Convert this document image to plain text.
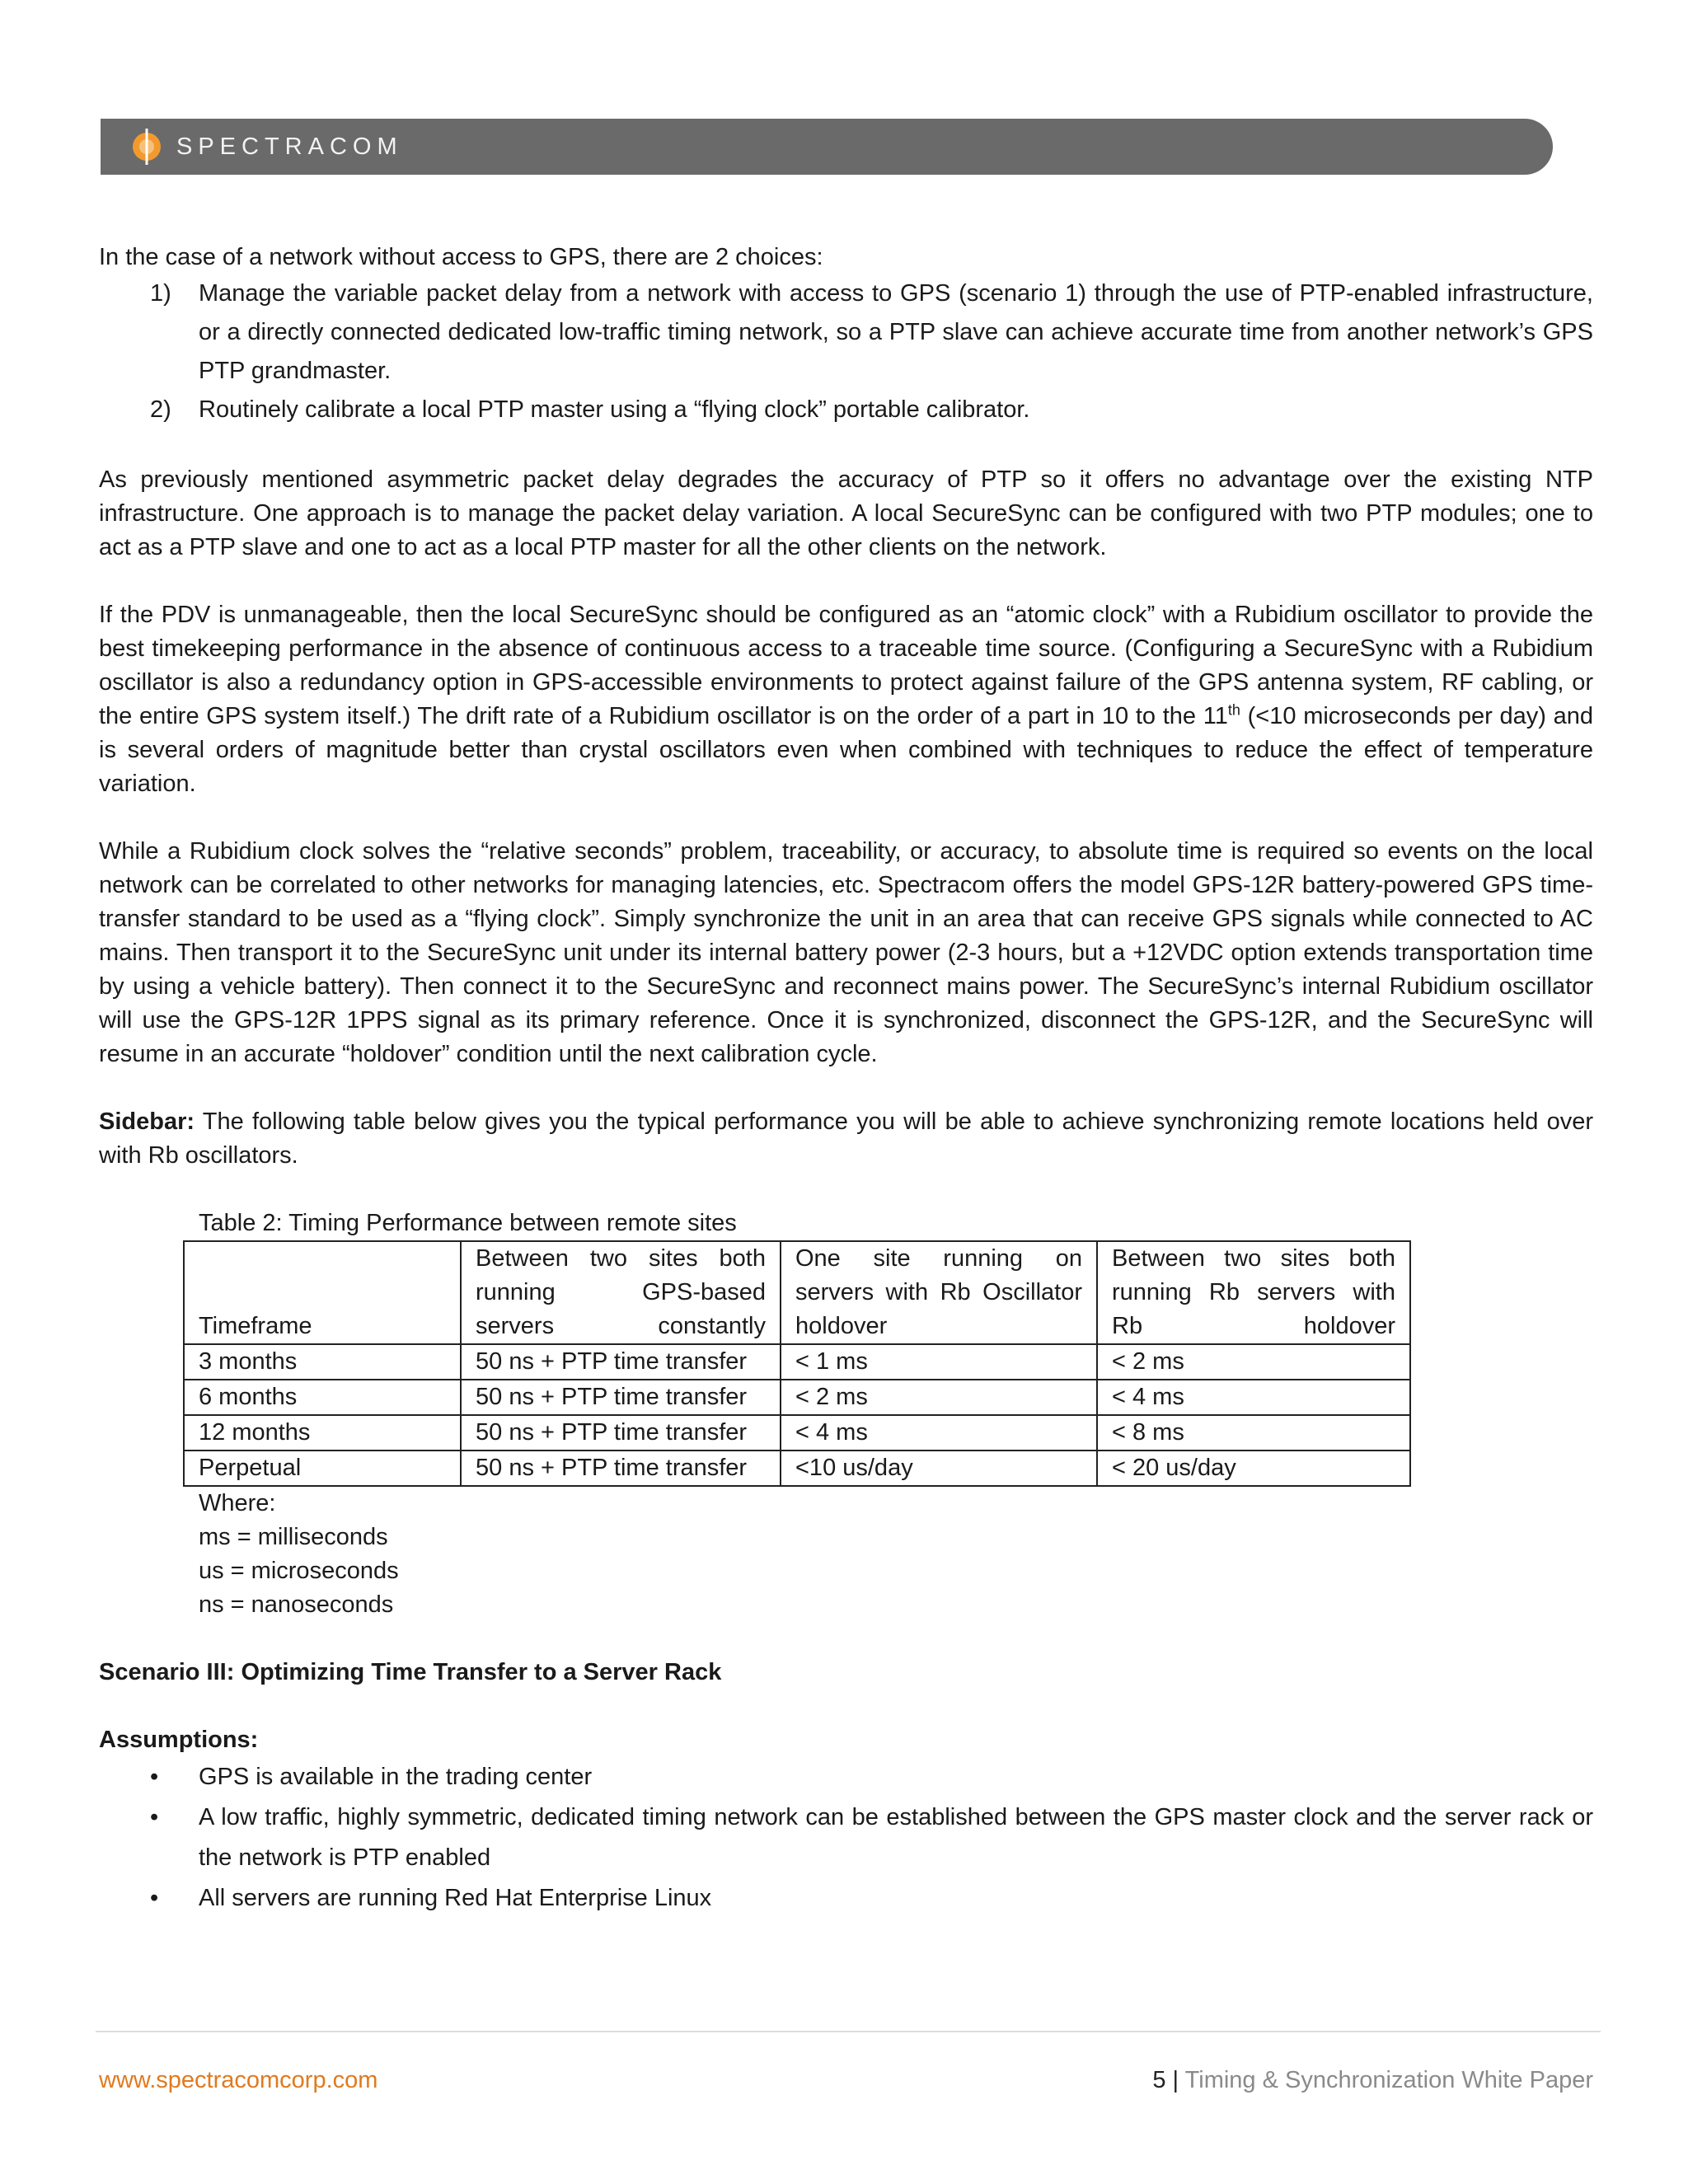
SPECTRACOM

In the case of a network without access to GPS, there are 2 choices:

1)	Manage the variable packet delay from a network with access to GPS (scenario 1) through the use of PTP-enabled infrastructure, or a directly connected dedicated low-traffic timing network, so a PTP slave can achieve accurate time from another network’s GPS PTP grandmaster.
2)	Routinely calibrate a local PTP master using a “flying clock” portable calibrator.

As previously mentioned asymmetric packet delay degrades the accuracy of PTP so it offers no advantage over the existing NTP infrastructure. One approach is to manage the packet delay variation. A local SecureSync can be configured with two PTP modules; one to act as a PTP slave and one to act as a local PTP master for all the other clients on the network.

If the PDV is unmanageable, then the local SecureSync should be configured as an “atomic clock” with a Rubidium oscillator to provide the best timekeeping performance in the absence of continuous access to a traceable time source. (Configuring a SecureSync with a Rubidium oscillator is also a redundancy option in GPS-accessible environments to protect against failure of the GPS antenna system, RF cabling, or the entire GPS system itself.) The drift rate of a Rubidium oscillator is on the order of a part in 10 to the 11th (<10 microseconds per day) and is several orders of magnitude better than crystal oscillators even when combined with techniques to reduce the effect of temperature variation.

While a Rubidium clock solves the “relative seconds” problem, traceability, or accuracy, to absolute time is required so events on the local network can be correlated to other networks for managing latencies, etc. Spectracom offers the model GPS-12R battery-powered GPS time-transfer standard to be used as a “flying clock”. Simply synchronize the unit in an area that can receive GPS signals while connected to AC mains. Then transport it to the SecureSync unit under its internal battery power (2-3 hours, but a +12VDC option extends transportation time by using a vehicle battery). Then connect it to the SecureSync and reconnect mains power. The SecureSync’s internal Rubidium oscillator will use the GPS-12R 1PPS signal as its primary reference. Once it is synchronized, disconnect the GPS-12R, and the SecureSync will resume in an accurate “holdover” condition until the next calibration cycle.

Sidebar: The following table below gives you the typical performance you will be able to achieve synchronizing remote locations held over with Rb oscillators.

Table 2: Timing Performance between remote sites
Timeframe	Between two sites both running GPS-based servers constantly	One site running on servers with Rb Oscillator holdover	Between two sites both running Rb servers with Rb holdover
3 months	50 ns + PTP time transfer	< 1 ms	< 2 ms
6 months	50 ns + PTP time transfer	< 2 ms	< 4 ms
12 months	50 ns + PTP time transfer	< 4 ms	< 8 ms
Perpetual	50 ns + PTP time transfer	<10 us/day	< 20 us/day
Where:
ms = milliseconds
us = microseconds
ns = nanoseconds
Scenario III: Optimizing Time Transfer to a Server Rack
Assumptions:
•	GPS is available in the trading center
•	A low traffic, highly symmetric, dedicated timing network can be established between the GPS master clock and the server rack or the network is PTP enabled
•	All servers are running Red Hat Enterprise Linux
www.spectracomcorp.com	5 | Timing & Synchronization White Paper
